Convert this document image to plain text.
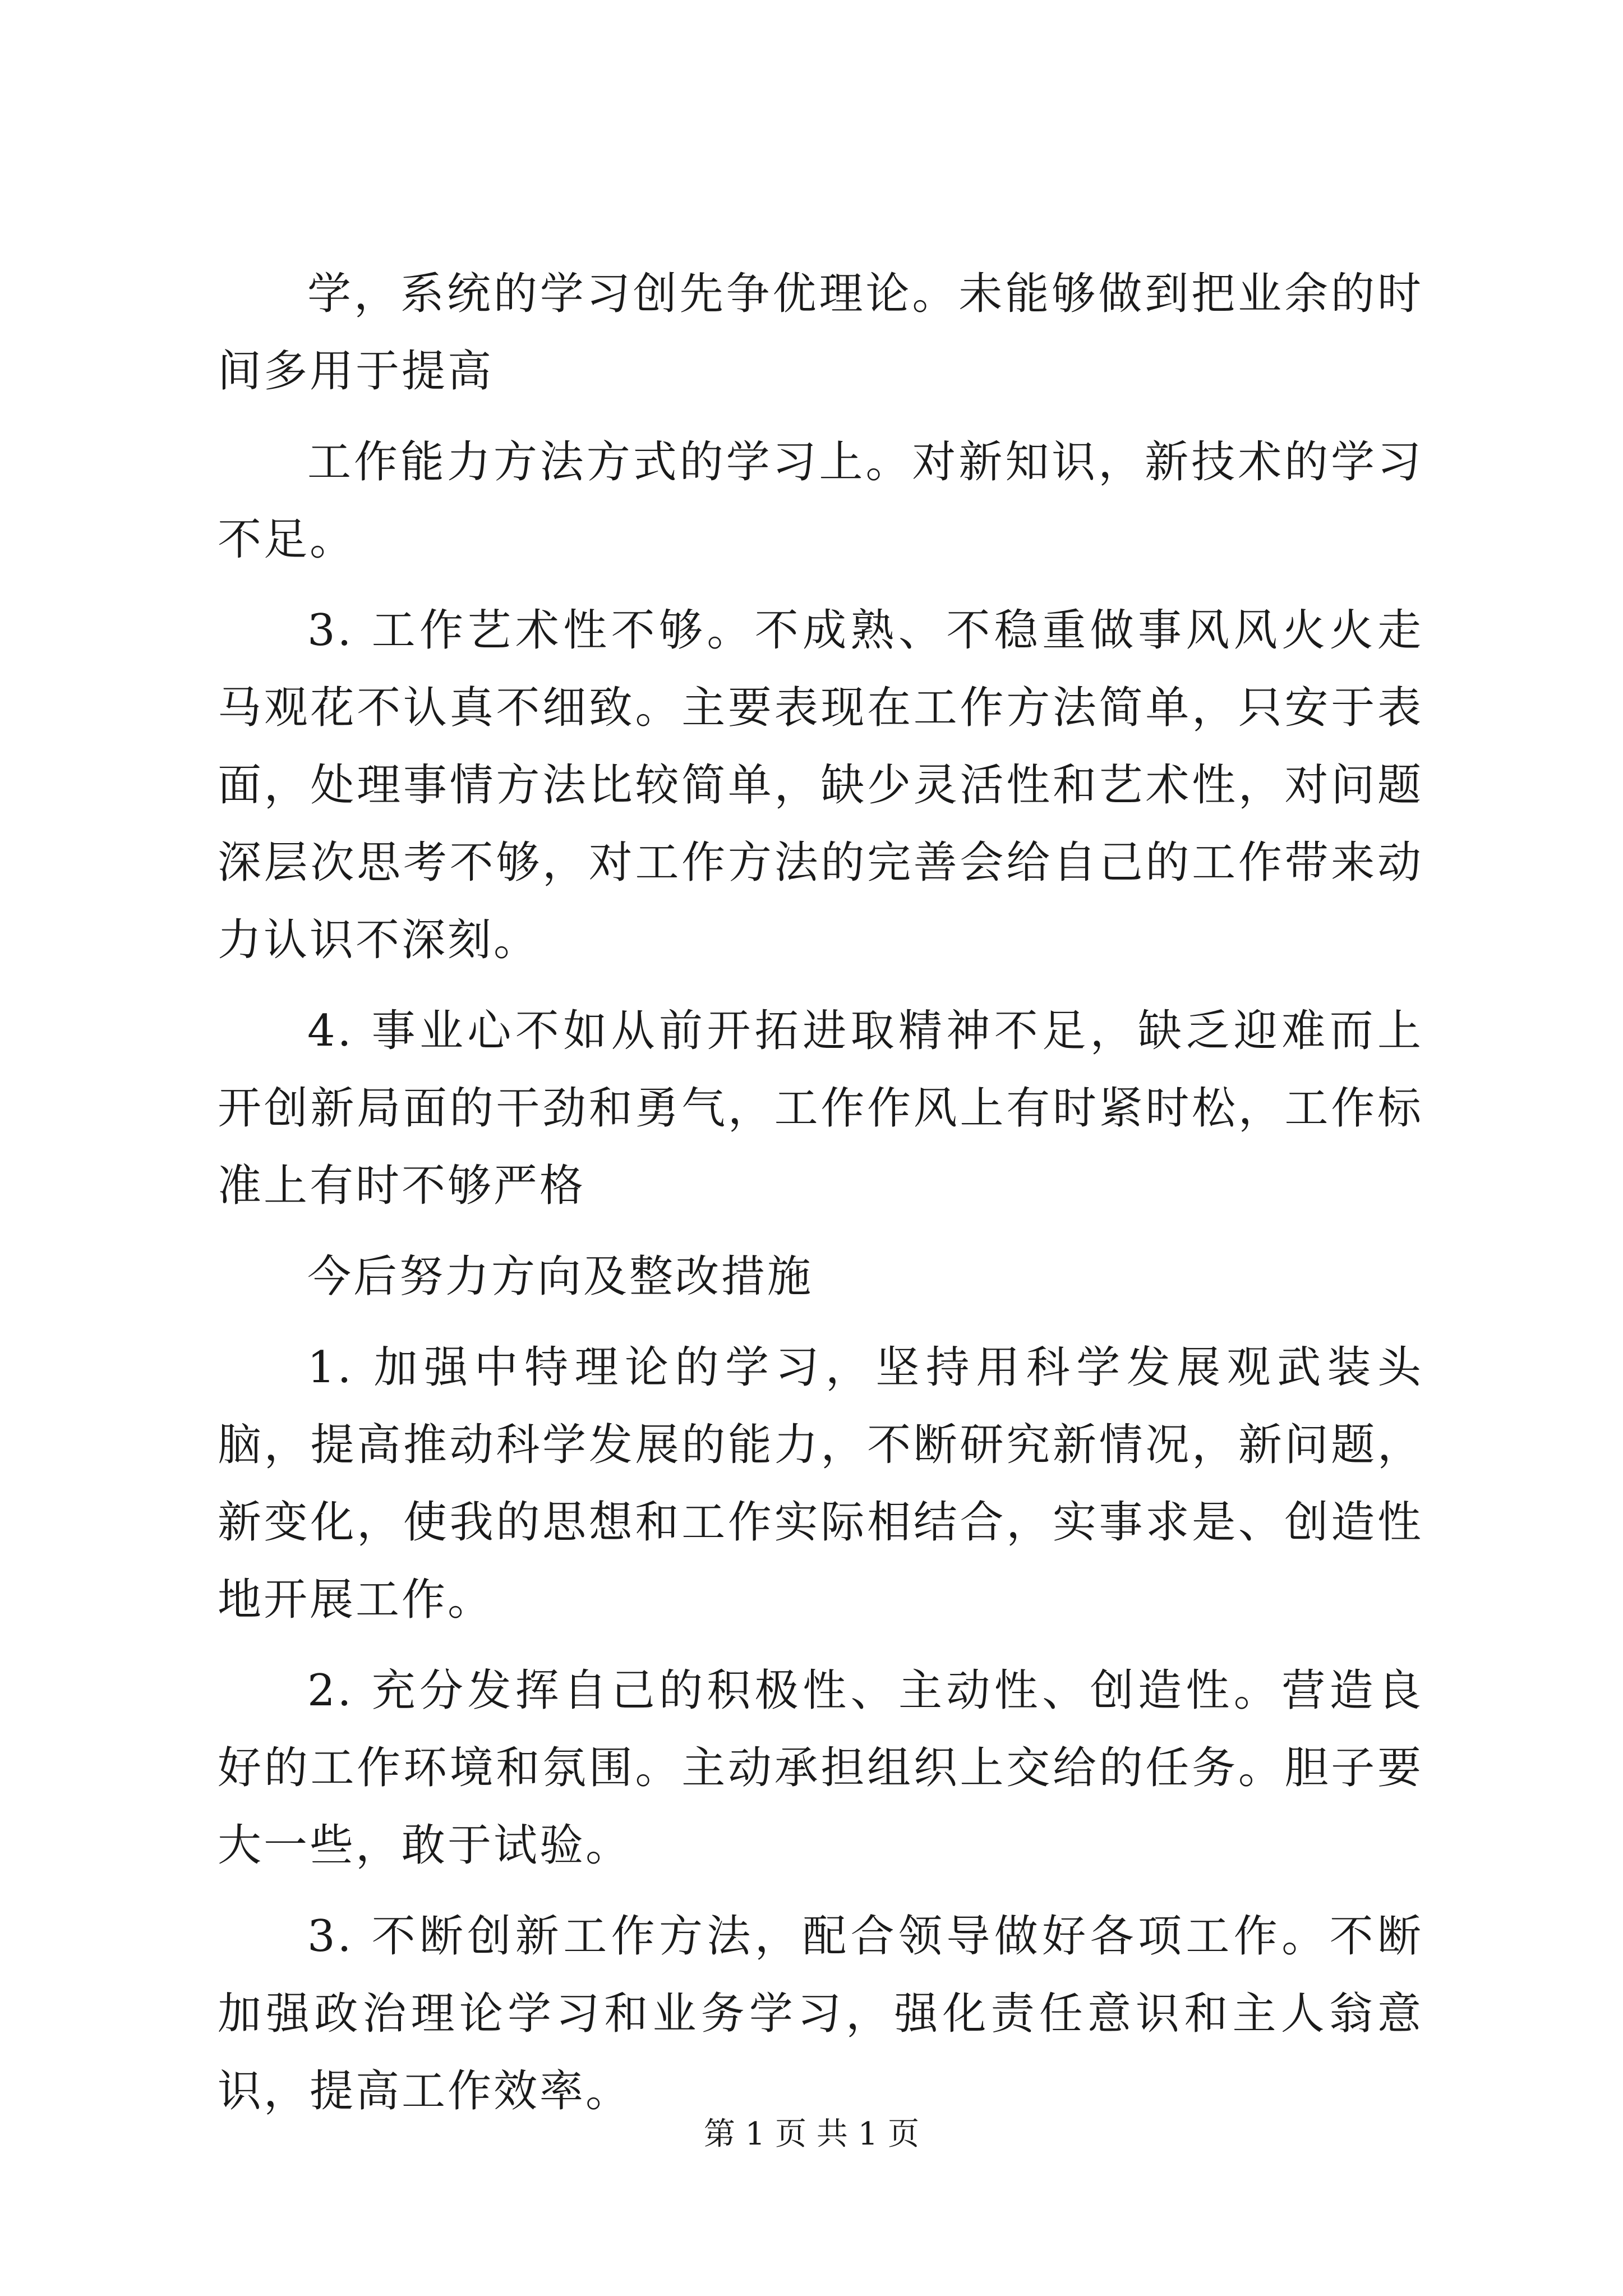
学，系统的学习创先争优理论。未能够做到把业余的时间多用于提高

工作能力方法方式的学习上。对新知识，新技术的学习不足。

3. 工作艺术性不够。不成熟、不稳重做事风风火火走马观花不认真不细致。主要表现在工作方法简单，只安于表面，处理事情方法比较简单，缺少灵活性和艺术性，对问题深层次思考不够，对工作方法的完善会给自己的工作带来动力认识不深刻。

4. 事业心不如从前开拓进取精神不足，缺乏迎难而上开创新局面的干劲和勇气，工作作风上有时紧时松，工作标准上有时不够严格

今后努力方向及整改措施

1. 加强中特理论的学习，坚持用科学发展观武装头脑，提高推动科学发展的能力，不断研究新情况，新问题，新变化，使我的思想和工作实际相结合，实事求是、创造性地开展工作。

2. 充分发挥自己的积极性、主动性、创造性。营造良好的工作环境和氛围。主动承担组织上交给的任务。胆子要大一些，敢于试验。

3. 不断创新工作方法，配合领导做好各项工作。不断加强政治理论学习和业务学习，强化责任意识和主人翁意识，提高工作效率。

第 1 页 共 1 页
